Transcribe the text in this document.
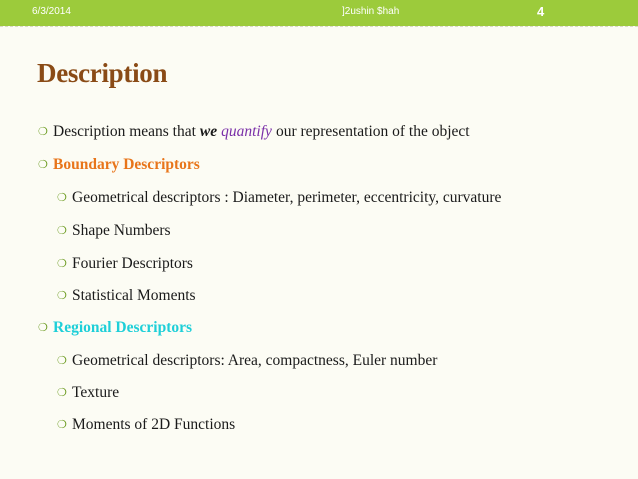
6/3/2014	]2ushin $hah	4
Description
❍ Description means that we quantify our representation of the object
❍ Boundary Descriptors
❍ Geometrical descriptors : Diameter, perimeter, eccentricity, curvature
❍ Shape Numbers
❍ Fourier Descriptors
❍ Statistical Moments
❍ Regional Descriptors
❍ Geometrical descriptors: Area, compactness, Euler number
❍ Texture
❍ Moments of 2D Functions
